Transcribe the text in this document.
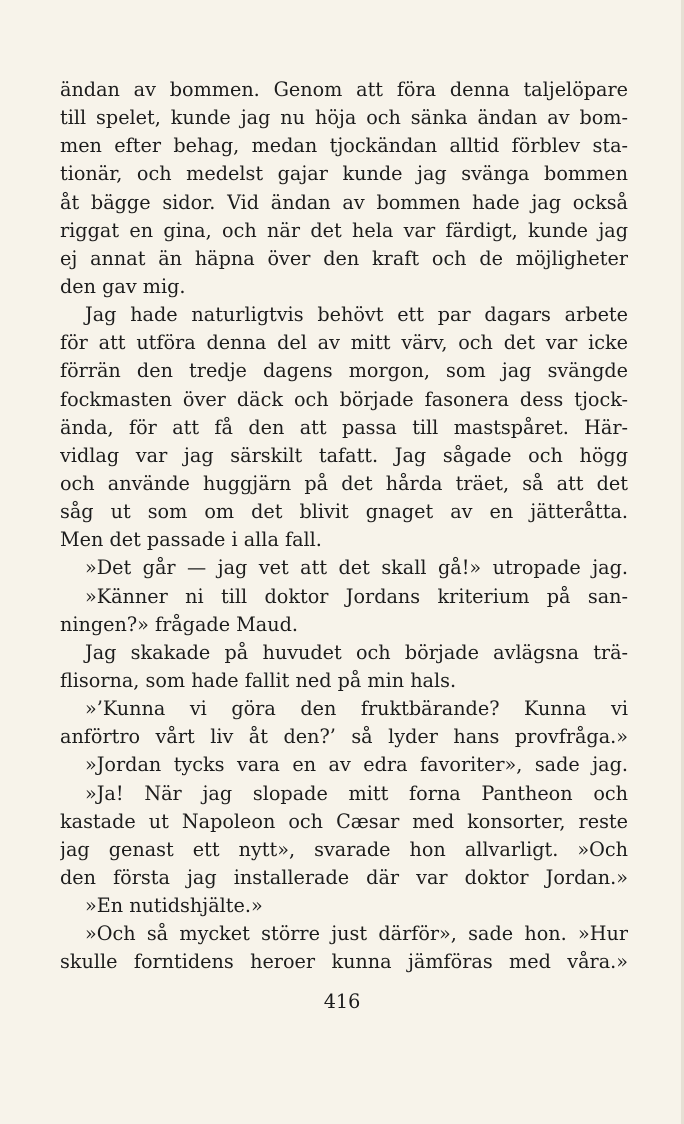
ändan av bommen. Genom att föra denna taljelöpare
till spelet, kunde jag nu höja och sänka ändan av bom-
men efter behag, medan tjockändan alltid förblev sta-
tionär, och medelst gajar kunde jag svänga bommen
åt bägge sidor. Vid ändan av bommen hade jag också
riggat en gina, och när det hela var färdigt, kunde jag
ej annat än häpna över den kraft och de möjligheter
den gav mig.
Jag hade naturligtvis behövt ett par dagars arbete
för att utföra denna del av mitt värv, och det var icke
förrän den tredje dagens morgon, som jag svängde
fockmasten över däck och började fasonera dess tjock-
ända, för att få den att passa till mastspåret. Här-
vidlag var jag särskilt tafatt. Jag sågade och högg
och använde huggjärn på det hårda träet, så att det
såg ut som om det blivit gnaget av en jätteråtta.
Men det passade i alla fall.
»Det går — jag vet att det skall gå!» utropade jag.
»Känner ni till doktor Jordans kriterium på san-
ningen?» frågade Maud.
Jag skakade på huvudet och började avlägsna trä-
flisorna, som hade fallit ned på min hals.
»’Kunna vi göra den fruktbärande? Kunna vi
anförtro vårt liv åt den?’ så lyder hans provfråga.»
»Jordan tycks vara en av edra favoriter», sade jag.
»Ja! När jag slopade mitt forna Pantheon och
kastade ut Napoleon och Cæsar med konsorter, reste
jag genast ett nytt», svarade hon allvarligt. »Och
den första jag installerade där var doktor Jordan.»
»En nutidshjälte.»
»Och så mycket större just därför», sade hon. »Hur
skulle forntidens heroer kunna jämföras med våra.»
416
